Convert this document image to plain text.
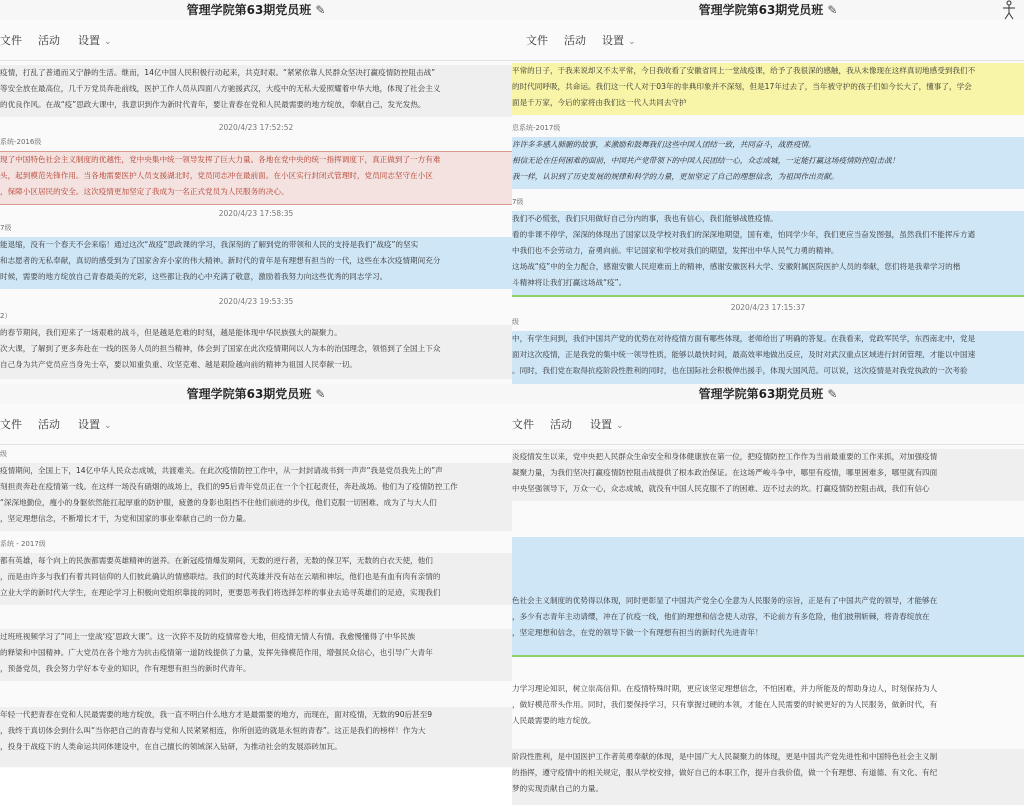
管理学院第63期党员班 ✎
文件 活动 设置 ⌄
疫情，打乱了普通而又宁静的生活。继而，14亿中国人民积极行动起来，共克时艰。“紧紧依靠人民群众坚决打赢疫情防控阻击战”
等安全放在最高位，几千万党员奔赴前线，医护工作人员从四面八方驰援武汉，大疫中的无私大爱照耀着中华大地，体现了社会主义
的优良作风。在战“疫”思政大课中，我意识到作为新时代青年，要让青春在党和人民最需要的地方绽放，奉献自己，发光发热。
2020/4/23 17:52:52
系统-2016级
现了中国特色社会主义制度的优越性，党中央集中统一领导发挥了巨大力量。各地在党中央的统一指挥调度下，真正做到了一方有难
头，起到模范先锋作用。当各地需要医护人员支援湖北时，党员同志冲在最前面。在小区实行封闭式管理时，党员同志坚守在小区
，保障小区居民的安全。这次疫情更加坚定了我成为一名正式党员为人民服务的决心。
2020/4/23 17:58:35
7级
能退缩，没有一个春天不会来临！通过这次“战疫”思政课的学习，我深刻的了解到党的带领和人民的支持是我们“战疫”的坚实
和志愿者的无私奉献，真切的感受到为了国家舍弃小家的伟大精神。新时代的青年是有理想有担当的一代，这些在本次疫情期间充分
时候，需要的地方绽放自己青春最美的光彩，这些都让我的心中充满了敬意，激励着我努力向这些优秀的同志学习。
2020/4/23 19:53:35
2）
的春节期间，我们迎来了一场艰难的战斗，但是越是危难的时刻，越是能体现中华民族强大的凝聚力。
次大课，了解到了更多奔赴在一线的医务人员的担当精神，体会到了国家在此次疫情期间以人为本的治国理念，领悟到了全国上下众
自己身为共产党员应当身先士卒，要以知重负重、攻坚克难、越是艰险越向前的精神为祖国人民奉献一切。
管理学院第63期党员班 ✎
文件 活动 设置 ⌄
平常的日子，于我来说却又不太平常，今日我收看了安徽省同上一堂战疫课，给予了我很深的感触，我从未像现在这样真切地感受到我们不
的时代同呼吸，共命运。我们这一代人对于03年的非典印象并不深刻，但是17年过去了，当年被守护的孩子们如今长大了，懂事了，学会
面是千万家，今后的家将由我们这一代人共同去守护
息系统-2017级
许许多多感人肺腑的故事，来激励和鼓舞我们这些中国人团结一致，共同奋斗，战胜疫情。
相信无论在任何困难的面前，中国共产党带领下的中国人民团结一心，众志成城，一定能打赢这场疫情防控阻击战！
我一样，认识到了历史发展的规律和科学的力量，更加坚定了自己的理想信念，为祖国作出贡献。
7级
我们不必慌张，我们只用做好自己分内的事，我也有信心，我们能够战胜疫情。
看的非课不停学，深深的体现出了国家以及学校对我们的深深地期望，国有难，怕同学少年，我们更应当奋发图强，虽然我们不能挥斥方遒
中我们也不会劳动力，奋勇向前。牢记国家和学校对我们的期望，发挥出中华人民气力勇的精神。
这场战“疫”中的全力配合，感谢安徽人民迎难而上的精神，感谢安徽医科大学、安徽附属医院医护人员的奉献，您们将是我辈学习的楷
斗精神将让我们打赢这场战“疫”。
2020/4/23 17:15:37
级
中，有学生问到，我们中国共产党的优势在对待疫情方面有哪些体现，老师给出了明确的答复。在我看来，党政军民学，东西南北中，党是
面对这次疫情，正是我党的集中统一领导性质，能够以最快时间，最高效率地做出反应，及时对武汉重点区域进行封闭管理，才能以中国速
。同时，我们党在取得抗疫阶段性胜利的同时，也在国际社会积极伸出援手，体现大国风范。可以说，这次疫情是对我党执政的一次考验
管理学院第63期党员班 ✎
文件 活动 设置 ⌄
级
疫情期间，全国上下，14亿中华人民众志成城，共渡难关。在此次疫情防控工作中，从一封封请战书到一声声“我是党员我先上的”声
刻担责奔赴在疫情第一线。在这样一场没有硝烟的战场上，我们的95后青年党员正在一个个扛起责任，奔赴战场。他们为了疫情防控工作
“深深地勤俭，瘦小的身躯依然能扛起厚重的防护服，疲惫的身影也阻挡不住他们前进的步伐，他们克服一切困难、成为了与大人们
，坚定理想信念，不断增长才干，为党和国家的事业奉献自己的一份力量。
系统 - 2017级
都有英雄，每个向上的民族都需要英雄精神的滋养。在新冠疫情爆发期间，无数的逆行者，无数的保卫军，无数的白衣天使，他们
，而是由许多与我们有着共同信仰的人们彼此确认的情感联结。我们的时代英雄并没有站在云端和神坛，他们也是有血有肉有亲情的
立业大学的新时代大学生，在理论学习上积极向党组织靠拢的同时，更要思考我们将选择怎样的事业去追寻英雄们的足迹，实现我们
过班班视频学习了“同上一堂战‘疫’思政大课”。这一次猝不及防的疫情席卷大地，但疫情无情人有情。我愈慢懂得了中华民族
的释梁和中国精神。广大党员在各个地方为抗击疫情第一道防线提供了力量，发挥先锋模范作用，增强民众信心，也引导广大青年
，预备党员，我会努力学好本专业的知识，作有理想有担当的新时代青年。
年轻一代把青春在党和人民最需要的地方绽放，我一直不明白什么地方才是最需要的地方，而现在，面对疫情，无数的90后甚至9
，我终于真切体会到什么叫“当你把自己的青春与党和人民紧紧相连，你所创造的就是永恒的青春”。这正是我们的榜样！作为大
，投身于战疫下的人类命运共同体建设中，在自己擅长的领域深入钻研，为推动社会的发展添砖加瓦。
管理学院第63期党员班 ✎
文件 活动 设置 ⌄
炎疫情发生以来，党中央把人民群众生命安全和身体健康放在第一位，把疫情防控工作作为当前最重要的工作来抓，对加强疫情
凝聚力量，为我们坚决打赢疫情防控阻击战提供了根本政治保证。在这场严峻斗争中，哪里有疫情，哪里困难多，哪里就有四面
中央坚强领导下，万众一心，众志成城，就没有中国人民克服不了的困难、迈不过去的坎。打赢疫情防控阻击战，我们有信心
色社会主义制度的优势得以体现，同时更彰显了中国共产党全心全意为人民服务的宗旨，正是有了中国共产党的领导，才能够在
，多少有志青年主动请缨，冲在了抗疫一线，他们的理想和信念使人动容，不论前方有多危险，他们披荆斩棘，将青春绽放在
，坚定理想和信念，在党的领导下做一个有理想有担当的新时代先进青年！
力学习理论知识，树立崇高信仰。在疫情特殊时期，更应该坚定理想信念，不怕困难，并力所能及的帮助身边人，时刻保持为人
，做好模范带头作用。同时，我们要保持学习，只有掌握过硬的本领，才能在人民需要的时候更好的为人民服务，做新时代，有
人民最需要的地方绽放。
阶段性胜利，是中国医护工作者英勇奉献的体现，是中国广大人民凝聚力的体现，更是中国共产党先进性和中国特色社会主义制
的指挥，遵守疫情中的相关规定，服从学校安排，做好自己的本职工作，提升自我价值，做一个有理想、有道德、有文化、有纪
梦的实现贡献自己的力量。
